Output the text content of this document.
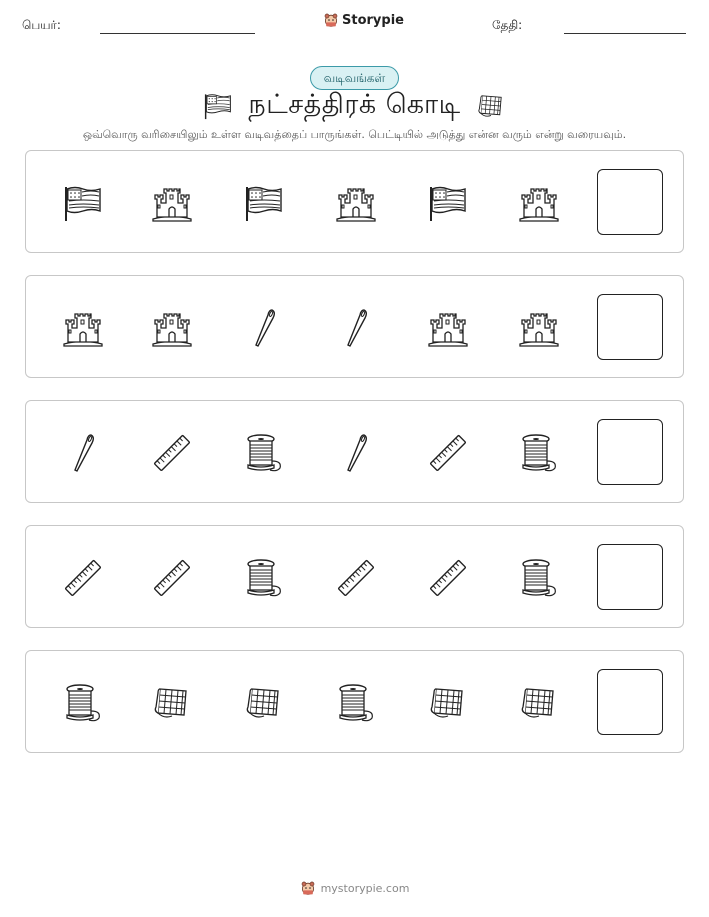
பெயர்:	Storypie	தேதி:
வடிவங்கள்
நட்சத்திரக் கொடி
ஒவ்வொரு வரிசையிலும் உள்ள வடிவத்தைப் பாருங்கள். பெட்டியில் அடுத்து என்ன வரும் என்று வரையவும்.
mystorypie.com
